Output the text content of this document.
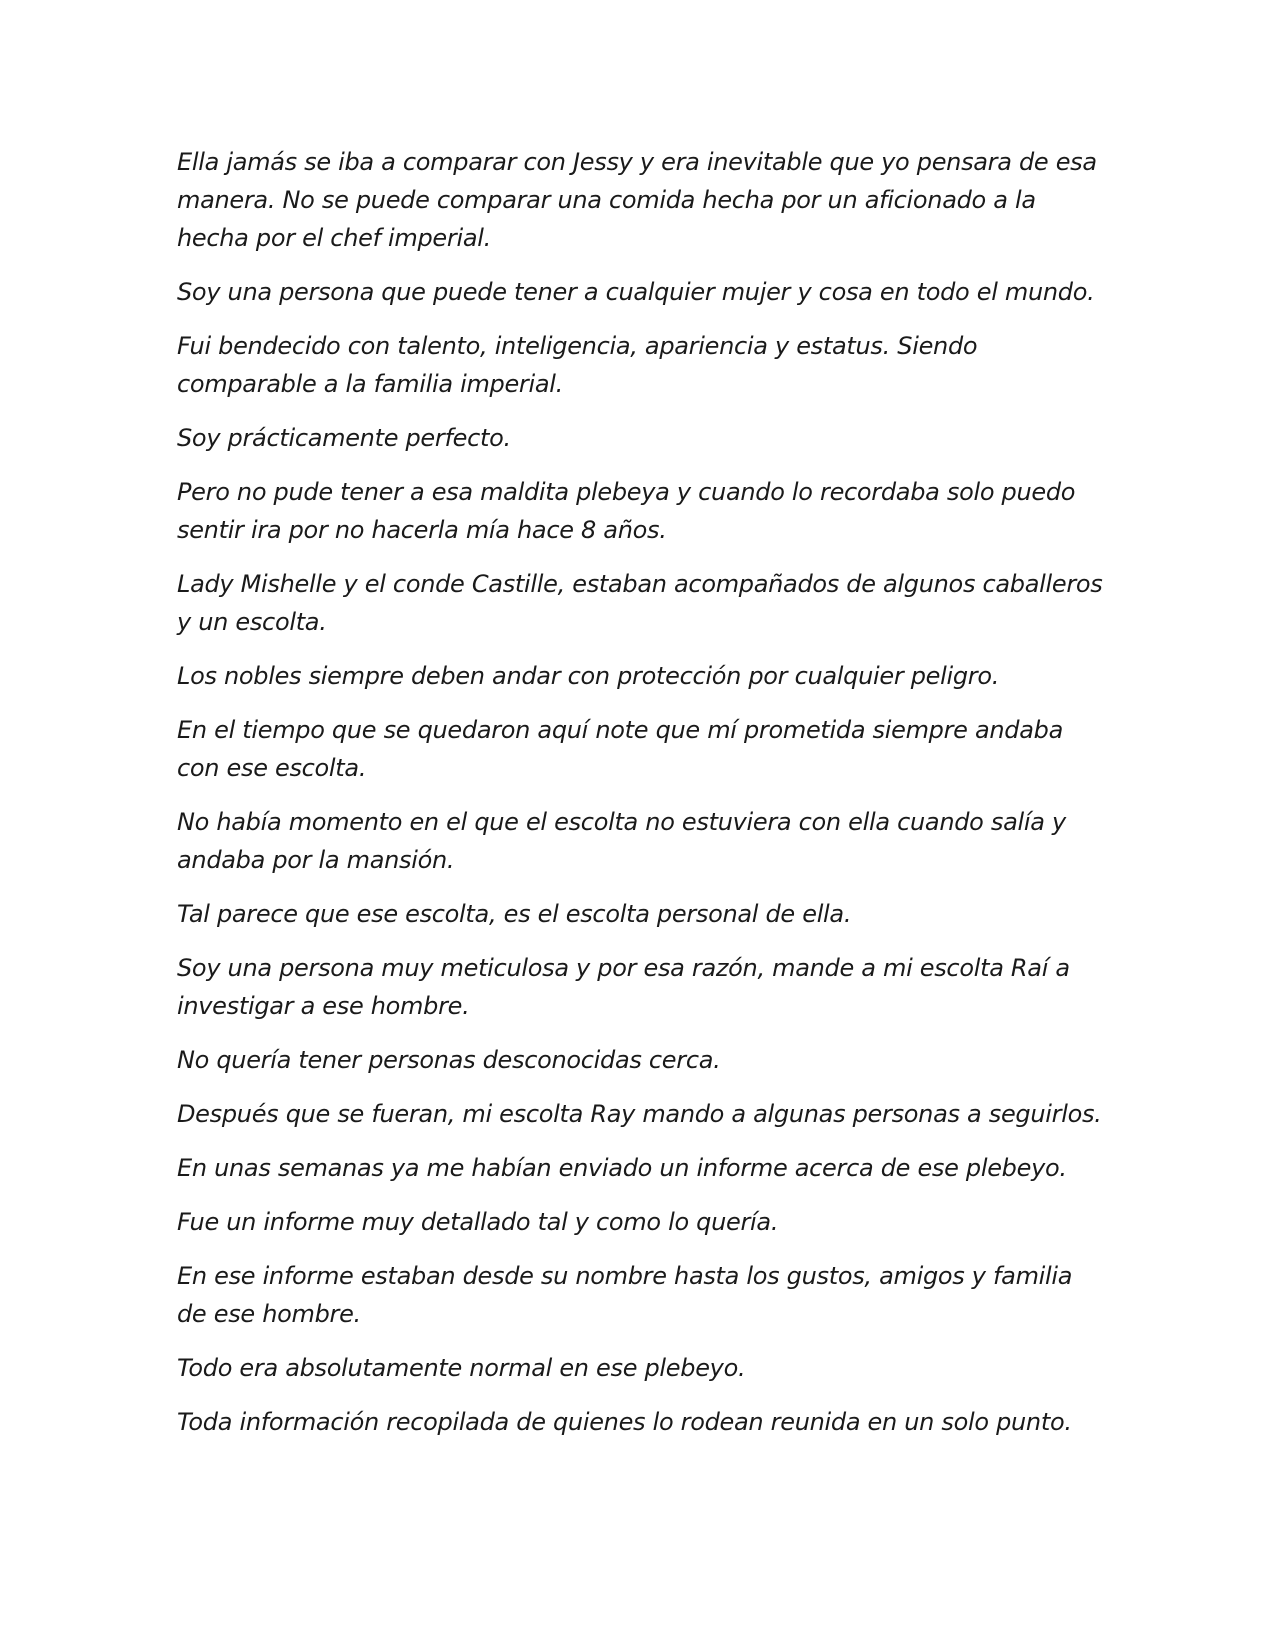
Ella jamás se iba a comparar con Jessy y era inevitable que yo pensara de esa manera. No se puede comparar una comida hecha por un aficionado a la hecha por el chef imperial.

Soy una persona que puede tener a cualquier mujer y cosa en todo el mundo.

Fui bendecido con talento, inteligencia, apariencia y estatus. Siendo comparable a la familia imperial.

Soy prácticamente perfecto.

Pero no pude tener a esa maldita plebeya y cuando lo recordaba solo puedo sentir ira por no hacerla mía hace 8 años.

Lady Mishelle y el conde Castille, estaban acompañados de algunos caballeros y un escolta.

Los nobles siempre deben andar con protección por cualquier peligro.

En el tiempo que se quedaron aquí note que mí prometida siempre andaba con ese escolta.

No había momento en el que el escolta no estuviera con ella cuando salía y andaba por la mansión.

Tal parece que ese escolta, es el escolta personal de ella.

Soy una persona muy meticulosa y por esa razón, mande a mi escolta Raí a investigar a ese hombre.

No quería tener personas desconocidas cerca.

Después que se fueran, mi escolta Ray mando a algunas personas a seguirlos.

En unas semanas ya me habían enviado un informe acerca de ese plebeyo.

Fue un informe muy detallado tal y como lo quería.

En ese informe estaban desde su nombre hasta los gustos, amigos y familia de ese hombre.

Todo era absolutamente normal en ese plebeyo.

Toda información recopilada de quienes lo rodean reunida en un solo punto.
